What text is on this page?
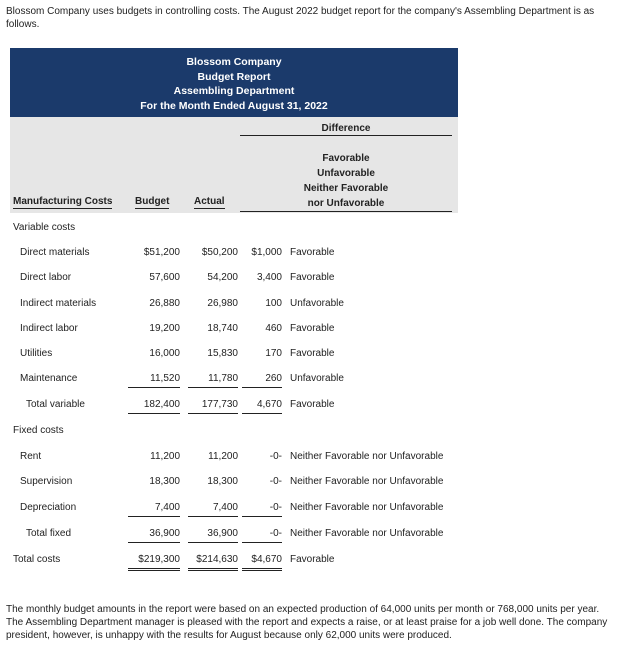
Blossom Company uses budgets in controlling costs. The August 2022 budget report for the company's Assembling Department is as follows.
Blossom Company
Budget Report
Assembling Department
For the Month Ended August 31, 2022
Difference
Favorable
Unfavorable
Neither Favorable
nor Unfavorable
Manufacturing Costs Budget Actual
Variable costs
Direct materials	$51,200	$50,200	$1,000 Favorable
Direct labor	57,600	54,200	3,400 Favorable
Indirect materials	26,880	26,980	100 Unfavorable
Indirect labor	19,200	18,740	460 Favorable
Utilities	16,000	15,830	170 Favorable
Maintenance	11,520	11,780	260 Unfavorable
Total variable	182,400	177,730	4,670 Favorable
Fixed costs
Rent	11,200	11,200	-0- Neither Favorable nor Unfavorable
Supervision	18,300	18,300	-0- Neither Favorable nor Unfavorable
Depreciation	7,400	7,400	-0- Neither Favorable nor Unfavorable
Total fixed	36,900	36,900	-0- Neither Favorable nor Unfavorable
Total costs	$219,300	$214,630	$4,670 Favorable
The monthly budget amounts in the report were based on an expected production of 64,000 units per month or 768,000 units per year. The Assembling Department manager is pleased with the report and expects a raise, or at least praise for a job well done. The company president, however, is unhappy with the results for August because only 62,000 units were produced.
